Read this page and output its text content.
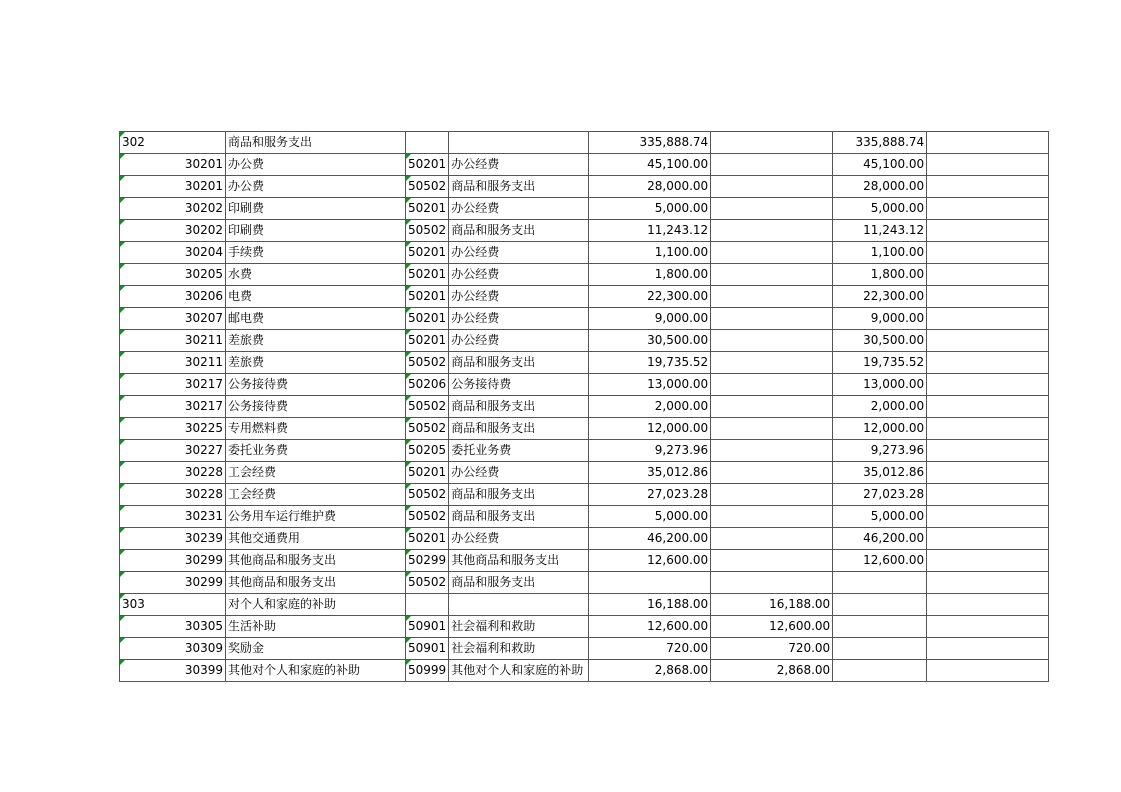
302	商品和服务支出			335,888.74		335,888.74	
30201	办公费	50201	办公经费	45,100.00		45,100.00	
30201	办公费	50502	商品和服务支出	28,000.00		28,000.00	
30202	印刷费	50201	办公经费	5,000.00		5,000.00	
30202	印刷费	50502	商品和服务支出	11,243.12		11,243.12	
30204	手续费	50201	办公经费	1,100.00		1,100.00	
30205	水费	50201	办公经费	1,800.00		1,800.00	
30206	电费	50201	办公经费	22,300.00		22,300.00	
30207	邮电费	50201	办公经费	9,000.00		9,000.00	
30211	差旅费	50201	办公经费	30,500.00		30,500.00	
30211	差旅费	50502	商品和服务支出	19,735.52		19,735.52	
30217	公务接待费	50206	公务接待费	13,000.00		13,000.00	
30217	公务接待费	50502	商品和服务支出	2,000.00		2,000.00	
30225	专用燃料费	50502	商品和服务支出	12,000.00		12,000.00	
30227	委托业务费	50205	委托业务费	9,273.96		9,273.96	
30228	工会经费	50201	办公经费	35,012.86		35,012.86	
30228	工会经费	50502	商品和服务支出	27,023.28		27,023.28	
30231	公务用车运行维护费	50502	商品和服务支出	5,000.00		5,000.00	
30239	其他交通费用	50201	办公经费	46,200.00		46,200.00	
30299	其他商品和服务支出	50299	其他商品和服务支出	12,600.00		12,600.00	
30299	其他商品和服务支出	50502	商品和服务支出				
303	对个人和家庭的补助			16,188.00	16,188.00		
30305	生活补助	50901	社会福利和救助	12,600.00	12,600.00		
30309	奖励金	50901	社会福利和救助	720.00	720.00		
30399	其他对个人和家庭的补助	50999	其他对个人和家庭的补助	2,868.00	2,868.00		
